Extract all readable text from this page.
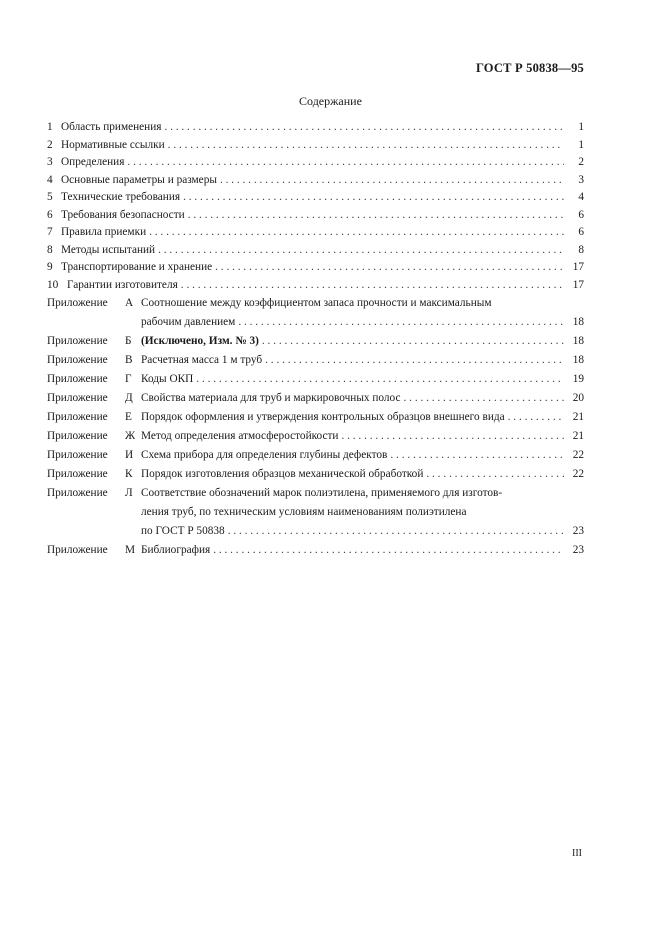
ГОСТ Р 50838—95
Содержание
1 Область применения . . .	1
2 Нормативные ссылки . . .	1
3 Определения . . .	2
4 Основные параметры и размеры . . .	3
5 Технические требования . . .	4
6 Требования безопасности . . .	6
7 Правила приемки . . .	6
8 Методы испытаний . . .	8
9 Транспортирование и хранение . . .	17
10 Гарантии изготовителя . . .	17
Приложение	А Соотношение между коэффициентом запаса прочности и максимальным
рабочим давлением . . .	18
Приложение	Б (Исключено, Изм. № 3) . . .	18
Приложение	В Расчетная масса 1 м труб . . .	18
Приложение	Г Коды ОКП . . .	19
Приложение	Д Свойства материала для труб и маркировочных полос . . .	20
Приложение	Е Порядок оформления и утверждения контрольных образцов внешнего вида . . .	21
Приложение	Ж Метод определения атмосферостойкости . . .	21
Приложение	И Схема прибора для определения глубины дефектов . . .	22
Приложение	К Порядок изготовления образцов механической обработкой . . .	22
Приложение	Л Соответствие обозначений марок полиэтилена, применяемого для изготов-
ления труб, по техническим условиям наименованиям полиэтилена
по ГОСТ Р 50838 . . .	23
Приложение	М Библиография . . .	23
III
